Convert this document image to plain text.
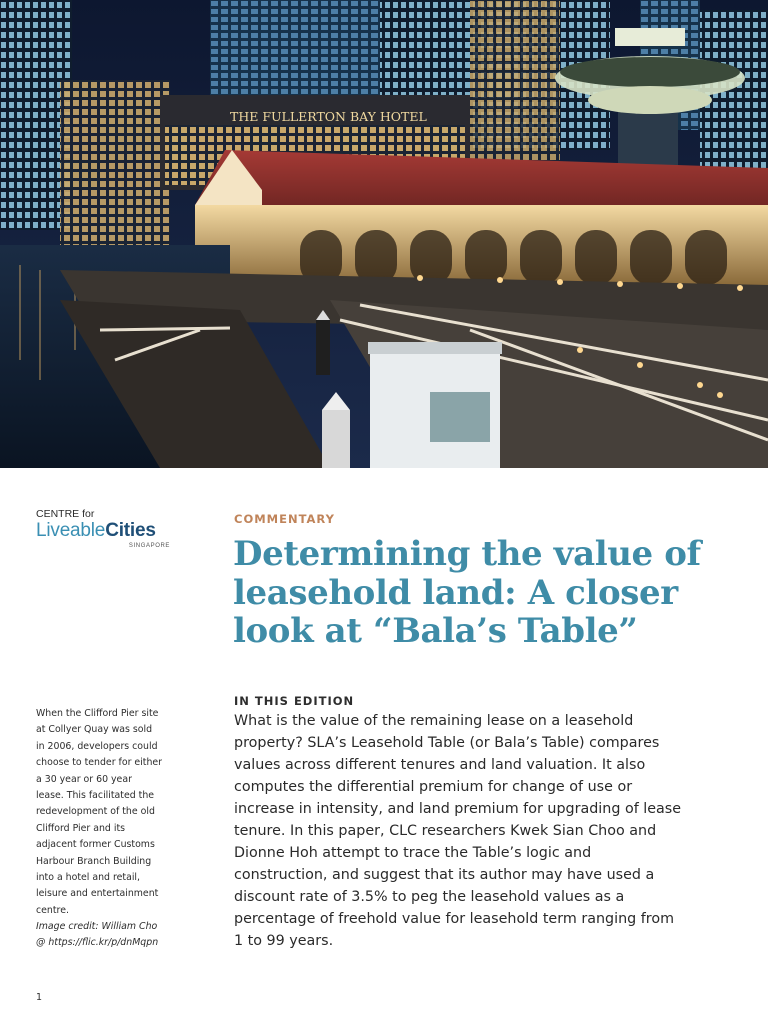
THE FULLERTON BAY HOTEL
CENTRE for
LiveableCities
SINGAPORE
COMMENTARY
Determining the value of leasehold land: A closer look at “Bala’s Table”
IN THIS EDITION

What is the value of the remaining lease on a leasehold property? SLA’s Leasehold Table (or Bala’s Table) compares values across different tenures and land valuation. It also computes the differential premium for change of use or increase in intensity, and land premium for upgrading of lease tenure. In this paper, CLC researchers Kwek Sian Choo and Dionne Hoh attempt to trace the Table’s logic and construction, and suggest that its author may have used a discount rate of 3.5% to peg the leasehold values as a percentage of freehold value for leasehold term ranging from 1 to 99 years.

When the Clifford Pier site at Collyer Quay was sold in 2006, developers could choose to tender for either a 30 year or 60 year lease. This facilitated the redevelopment of the old Clifford Pier and its adjacent former Customs Harbour Branch Building into a hotel and retail, leisure and entertainment centre.

Image credit: William Cho @ https://flic.kr/p/dnMqpn

1
